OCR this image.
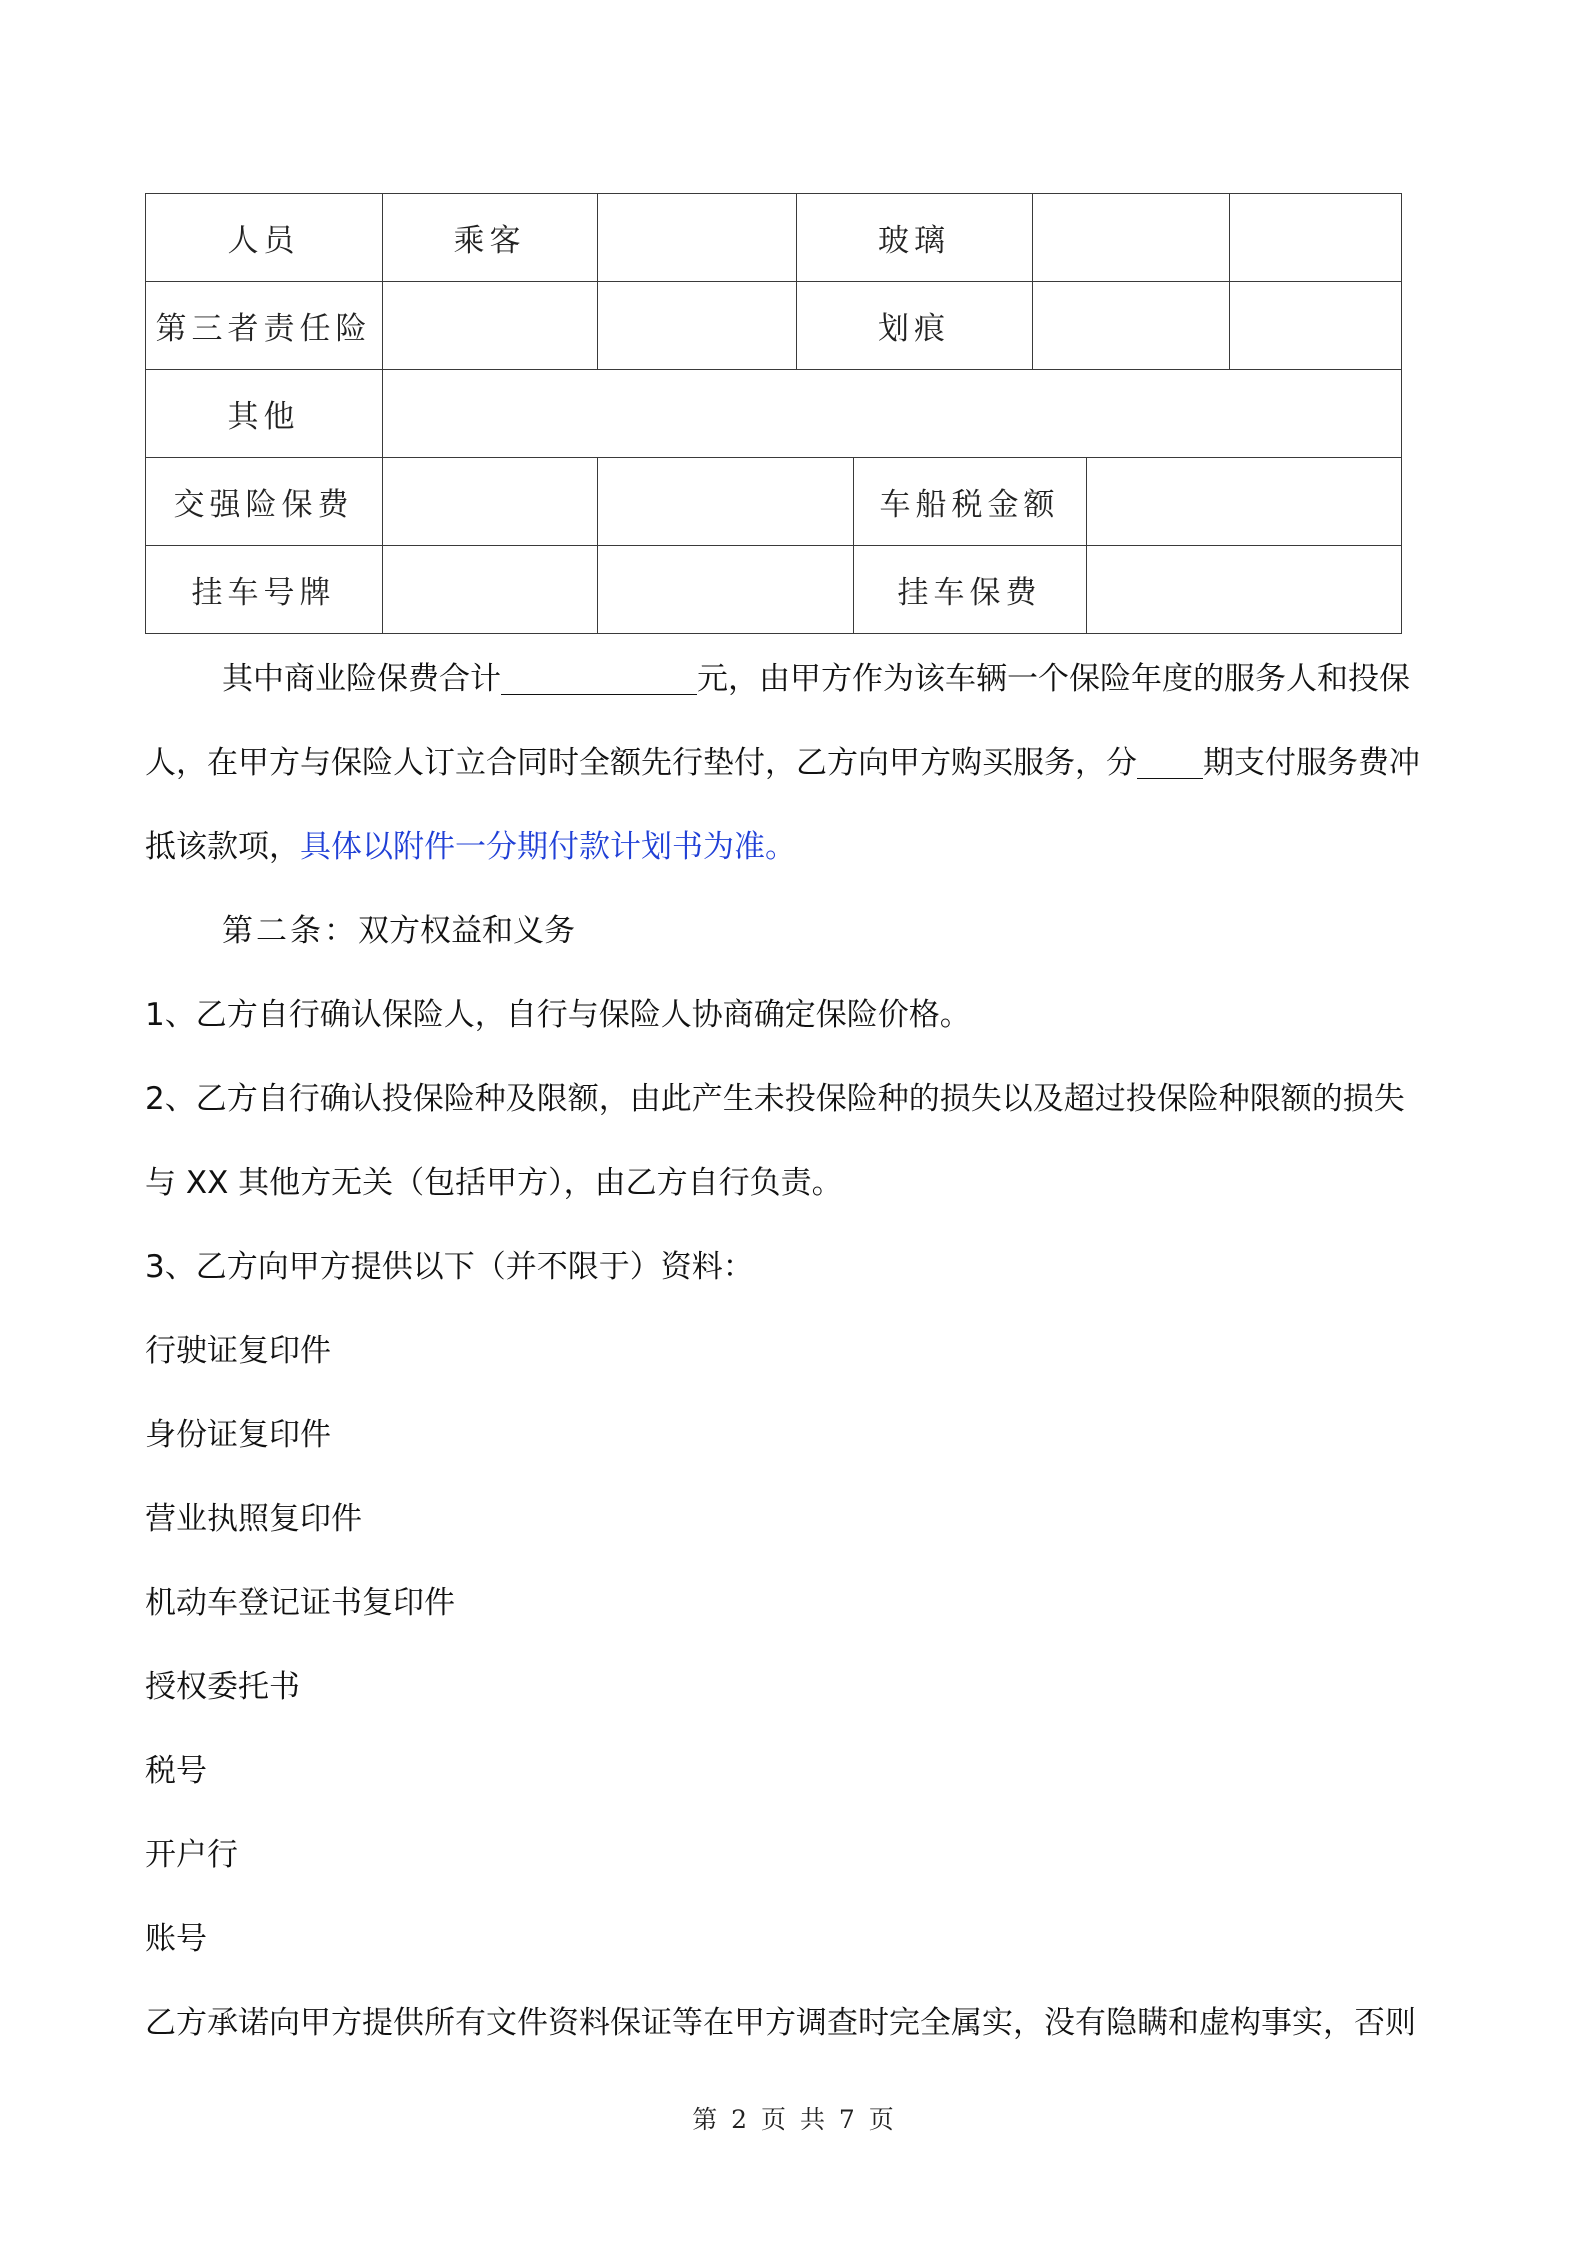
人员	乘客	玻璃
第三者责任险	划痕
其他
交强险保费	车船税金额
挂车号牌	挂车保费
其中商业险保费合计	元，由甲方作为该车辆一个保险年度的服务人和投保
人，在甲方与保险人订立合同时全额先行垫付，乙方向甲方购买服务，分 期支付服务费冲
抵该款项，具体以附件一分期付款计划书为准。
第二条：双方权益和义务
1、乙方自行确认保险人，自行与保险人协商确定保险价格。
2、乙方自行确认投保险种及限额，由此产生未投保险种的损失以及超过投保险种限额的损失
与 XX 其他方无关（包括甲方），由乙方自行负责。
3、乙方向甲方提供以下（并不限于）资料：
行驶证复印件
身份证复印件
营业执照复印件
机动车登记证书复印件
授权委托书
税号
开户行
账号
乙方承诺向甲方提供所有文件资料保证等在甲方调查时完全属实，没有隐瞒和虚构事实，否则
第 2 页 共 7 页
